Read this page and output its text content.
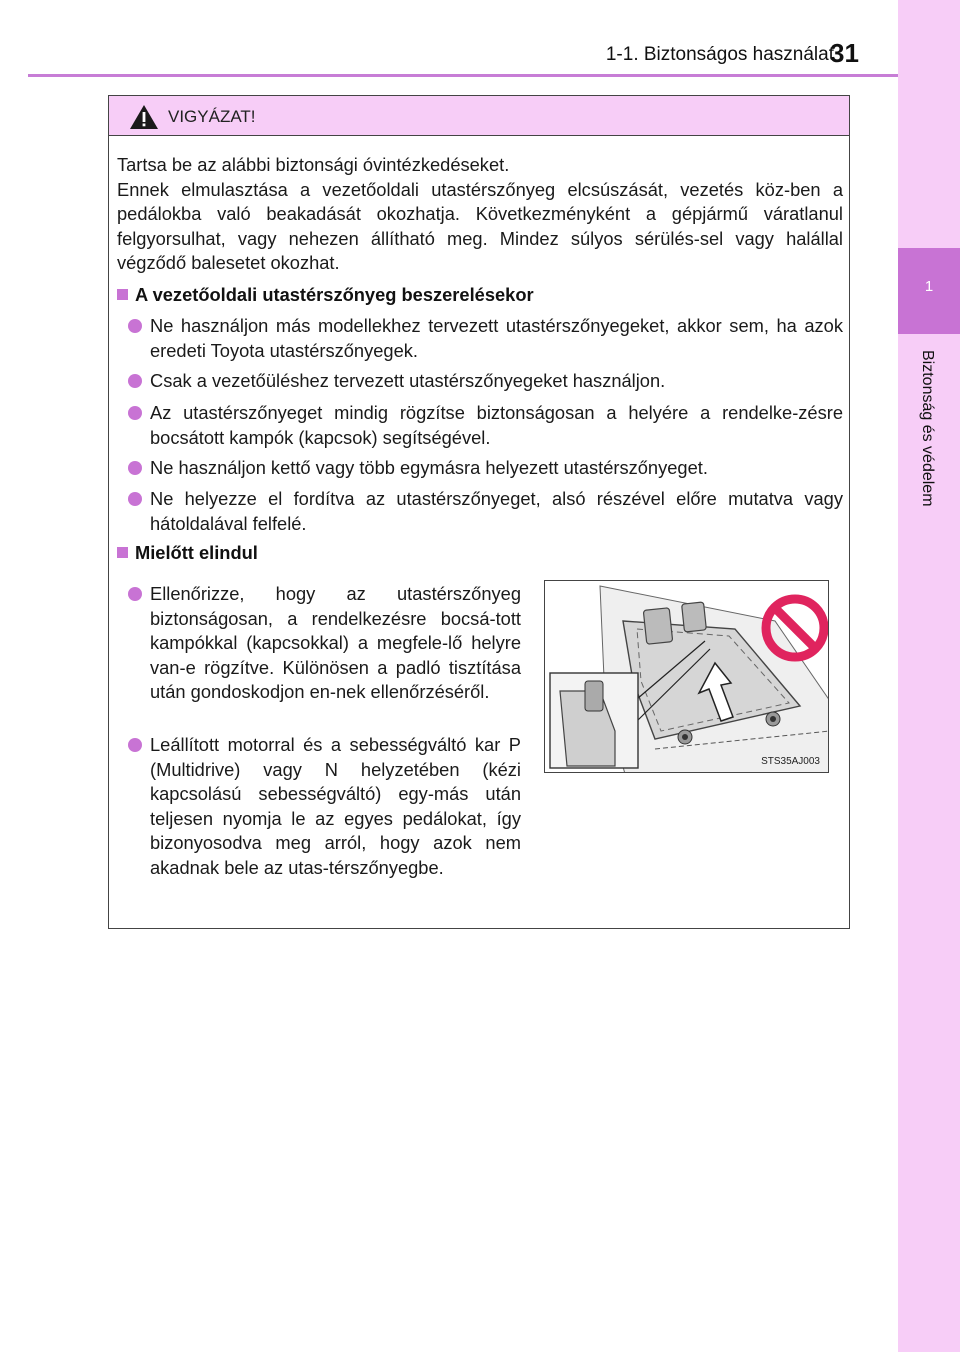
1-1. Biztonságos használat
31
1
Biztonság és védelem
VIGYÁZAT!
Tartsa be az alábbi biztonsági óvintézkedéseket.
Ennek elmulasztása a vezetőoldali utastérszőnyeg elcsúszását, vezetés köz-ben a pedálokba való beakadását okozhatja. Következményként a gépjármű váratlanul felgyorsulhat, vagy nehezen állítható meg. Mindez súlyos sérülés-sel vagy halállal végződő balesetet okozhat.
A vezetőoldali utastérszőnyeg beszerelésekor
Ne használjon más modellekhez tervezett utastérszőnyegeket, akkor sem, ha azok eredeti Toyota utastérszőnyegek.
Csak a vezetőüléshez tervezett utastérszőnyegeket használjon.
Az utastérszőnyeget mindig rögzítse biztonságosan a helyére a rendelke-zésre bocsátott kampók (kapcsok) segítségével.
Ne használjon kettő vagy több egymásra helyezett utastérszőnyeget.
Ne helyezze el fordítva az utastérszőnyeget, alsó részével előre mutatva vagy hátoldalával felfelé.
Mielőtt elindul
Ellenőrizze, hogy az utastérszőnyeg biztonságosan, a rendelkezésre bocsá-tott kampókkal (kapcsokkal) a megfele-lő helyre van-e rögzítve. Különösen a padló tisztítása után gondoskodjon en-nek ellenőrzéséről.
Leállított motorral és a sebességváltó kar P (Multidrive) vagy N helyzetében (kézi kapcsolású sebességváltó) egy-más után teljesen nyomja le az egyes pedálokat, így bizonyosodva meg arról, hogy azok nem akadnak bele az utas-térszőnyegbe.
STS35AJ003
